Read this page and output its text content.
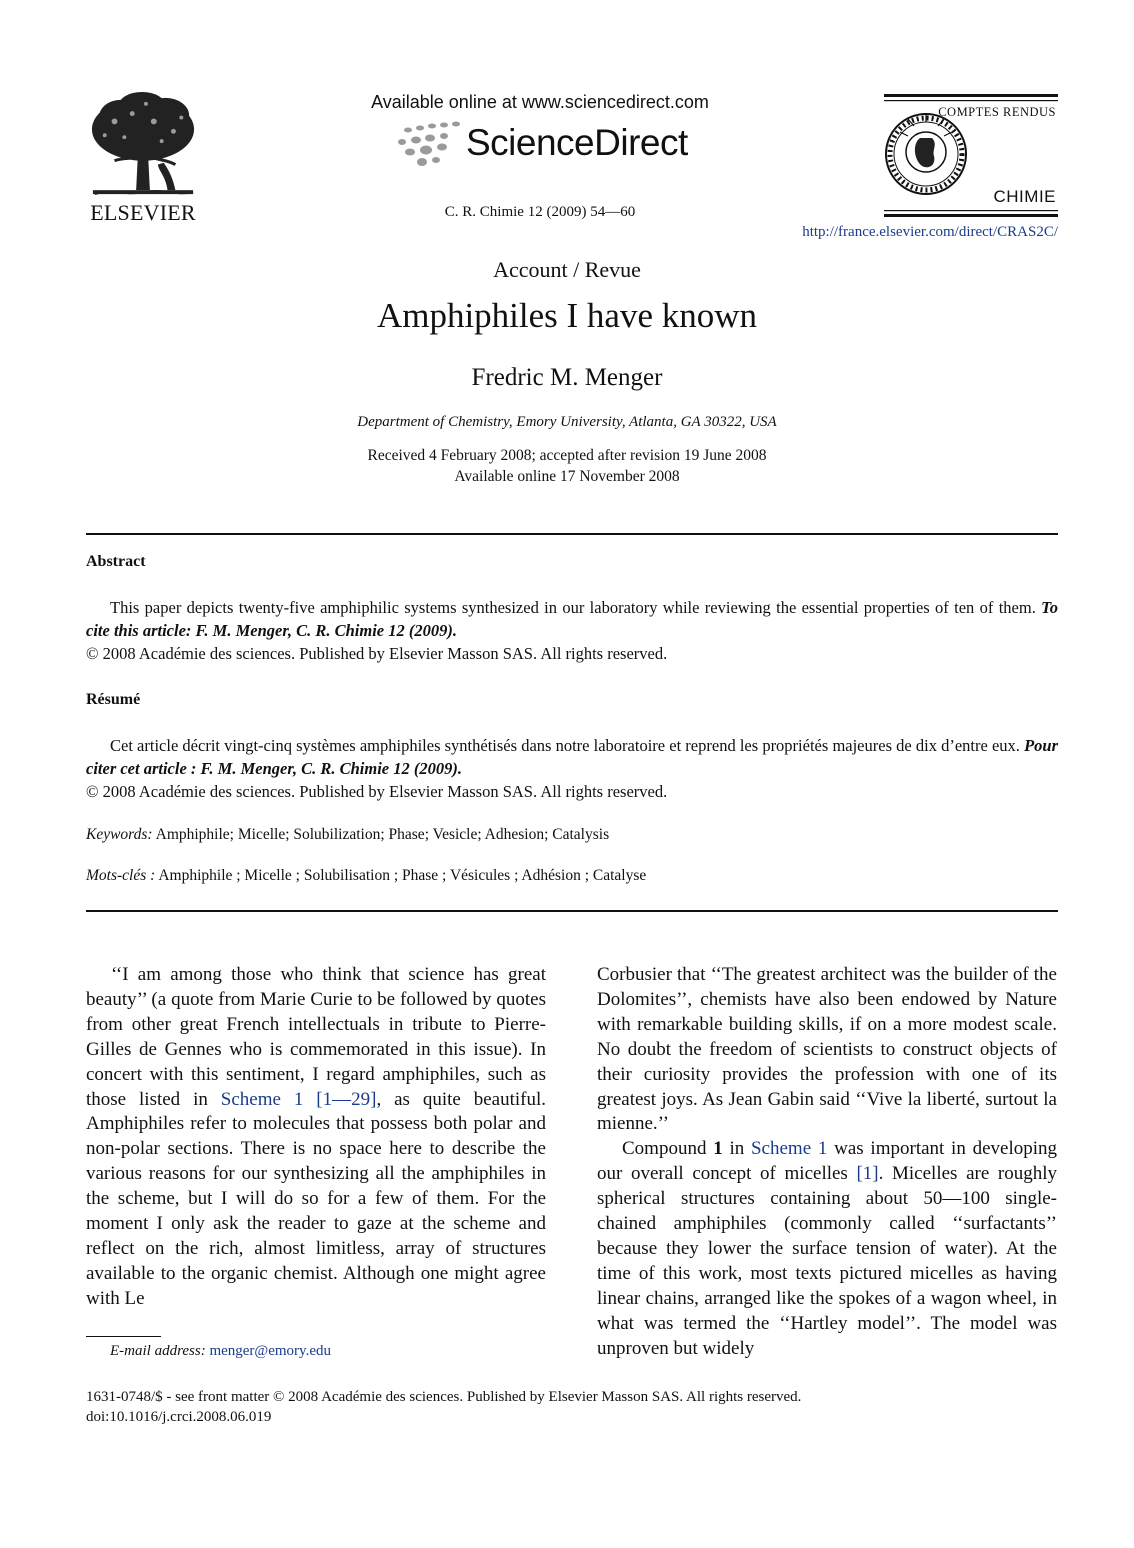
ELSEVIER
Available online at www.sciencedirect.com
ScienceDirect
C. R. Chimie 12 (2009) 54—60
COMPTES RENDUS
CHIMIE
http://france.elsevier.com/direct/CRAS2C/
Account / Revue
Amphiphiles I have known
Fredric M. Menger
Department of Chemistry, Emory University, Atlanta, GA 30322, USA
Received 4 February 2008; accepted after revision 19 June 2008
Available online 17 November 2008
Abstract
This paper depicts twenty-five amphiphilic systems synthesized in our laboratory while reviewing the essential properties of ten of them. To cite this article: F. M. Menger, C. R. Chimie 12 (2009).
© 2008 Académie des sciences. Published by Elsevier Masson SAS. All rights reserved.
Résumé
Cet article décrit vingt-cinq systèmes amphiphiles synthétisés dans notre laboratoire et reprend les propriétés majeures de dix d’entre eux. Pour citer cet article : F. M. Menger, C. R. Chimie 12 (2009).
© 2008 Académie des sciences. Published by Elsevier Masson SAS. All rights reserved.
Keywords: Amphiphile; Micelle; Solubilization; Phase; Vesicle; Adhesion; Catalysis
Mots-clés : Amphiphile ; Micelle ; Solubilisation ; Phase ; Vésicules ; Adhésion ; Catalyse

‘‘I am among those who think that science has great beauty’’ (a quote from Marie Curie to be followed by quotes from other great French intellectuals in tribute to Pierre-Gilles de Gennes who is commemorated in this issue). In concert with this sentiment, I regard amphiphiles, such as those listed in Scheme 1 [1—29], as quite beautiful. Amphiphiles refer to molecules that possess both polar and non-polar sections. There is no space here to describe the various reasons for our synthesizing all the amphiphiles in the scheme, but I will do so for a few of them. For the moment I only ask the reader to gaze at the scheme and reflect on the rich, almost limitless, array of structures available to the organic chemist. Although one might agree with Le

Corbusier that ‘‘The greatest architect was the builder of the Dolomites’’, chemists have also been endowed by Nature with remarkable building skills, if on a more modest scale. No doubt the freedom of scientists to construct objects of their curiosity provides the profession with one of its greatest joys. As Jean Gabin said ‘‘Vive la liberté, surtout la mienne.’’

Compound 1 in Scheme 1 was important in developing our overall concept of micelles [1]. Micelles are roughly spherical structures containing about 50—100 single-chained amphiphiles (commonly called ‘‘surfactants’’ because they lower the surface tension of water). At the time of this work, most texts pictured micelles as having linear chains, arranged like the spokes of a wagon wheel, in what was termed the ‘‘Hartley model’’. The model was unproven but widely

E-mail address: menger@emory.edu
1631-0748/$ - see front matter © 2008 Académie des sciences. Published by Elsevier Masson SAS. All rights reserved.
doi:10.1016/j.crci.2008.06.019
